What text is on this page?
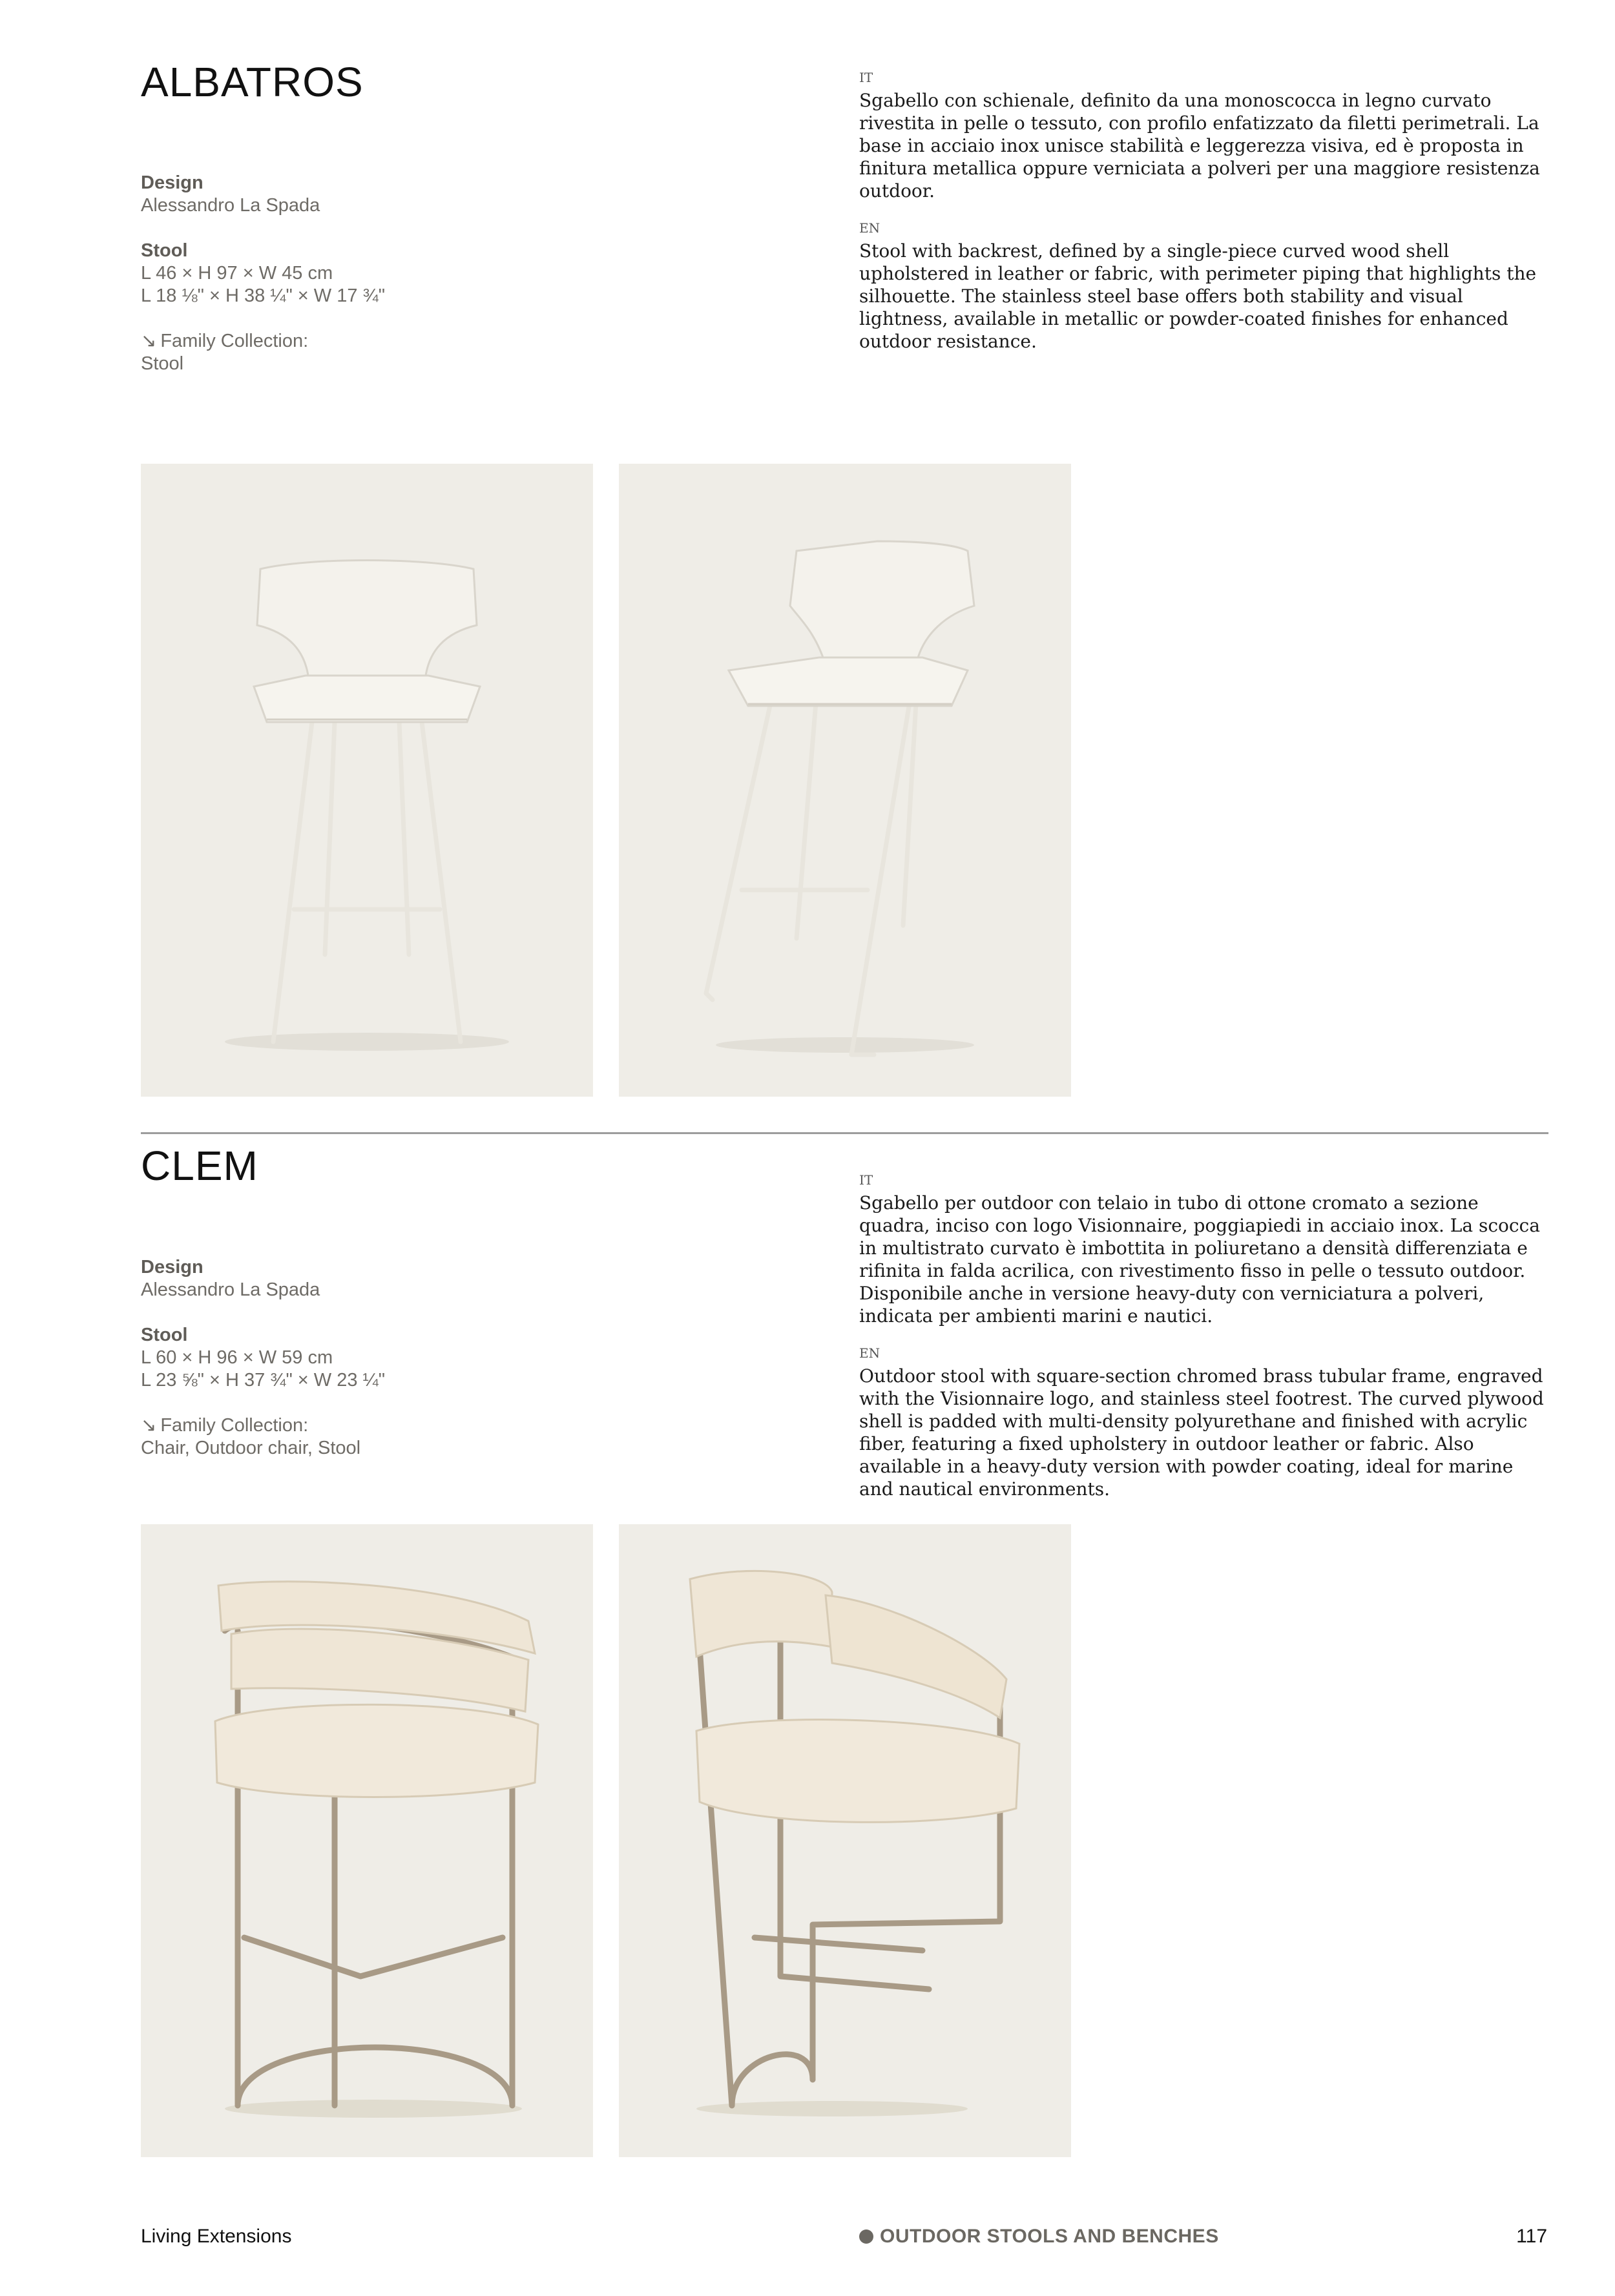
ALBATROS
Design
Alessandro La Spada
Stool
L 46 × H 97 × W 45 cm
L 18 ⅛" × H 38 ¼" × W 17 ¾"
↘ Family Collection:
Stool
IT

Sgabello con schienale, definito da una monoscocca in legno curvato rivestita in pelle o tessuto, con profilo enfatizzato da filetti perimetrali. La base in acciaio inox unisce stabilità e leggerezza visiva, ed è proposta in finitura metallica oppure verniciata a polveri per una maggiore resistenza outdoor.

EN

Stool with backrest, defined by a single-piece curved wood shell upholstered in leather or fabric, with perimeter piping that highlights the silhouette. The stainless steel base offers both stability and visual lightness, available in metallic or powder-coated finishes for enhanced outdoor resistance.

CLEM
Design
Alessandro La Spada
Stool
L 60 × H 96 × W 59 cm
L 23 ⅝" × H 37 ¾" × W 23 ¼"
↘ Family Collection:
Chair, Outdoor chair, Stool
IT

Sgabello per outdoor con telaio in tubo di ottone cromato a sezione quadra, inciso con logo Visionnaire, poggiapiedi in acciaio inox. La scocca in multistrato curvato è imbottita in poliuretano a densità differenziata e rifinita in falda acrilica, con rivestimento fisso in pelle o tessuto outdoor. Disponibile anche in versione heavy-duty con verniciatura a polveri, indicata per ambienti marini e nautici.

EN

Outdoor stool with square-section chromed brass tubular frame, engraved with the Visionnaire logo, and stainless steel footrest. The curved plywood shell is padded with multi-density polyurethane and finished with acrylic fiber, featuring a fixed upholstery in outdoor leather or fabric. Also available in a heavy-duty version with powder coating, ideal for marine and nautical environments.

Living Extensions	OUTDOOR STOOLS AND BENCHES	117
